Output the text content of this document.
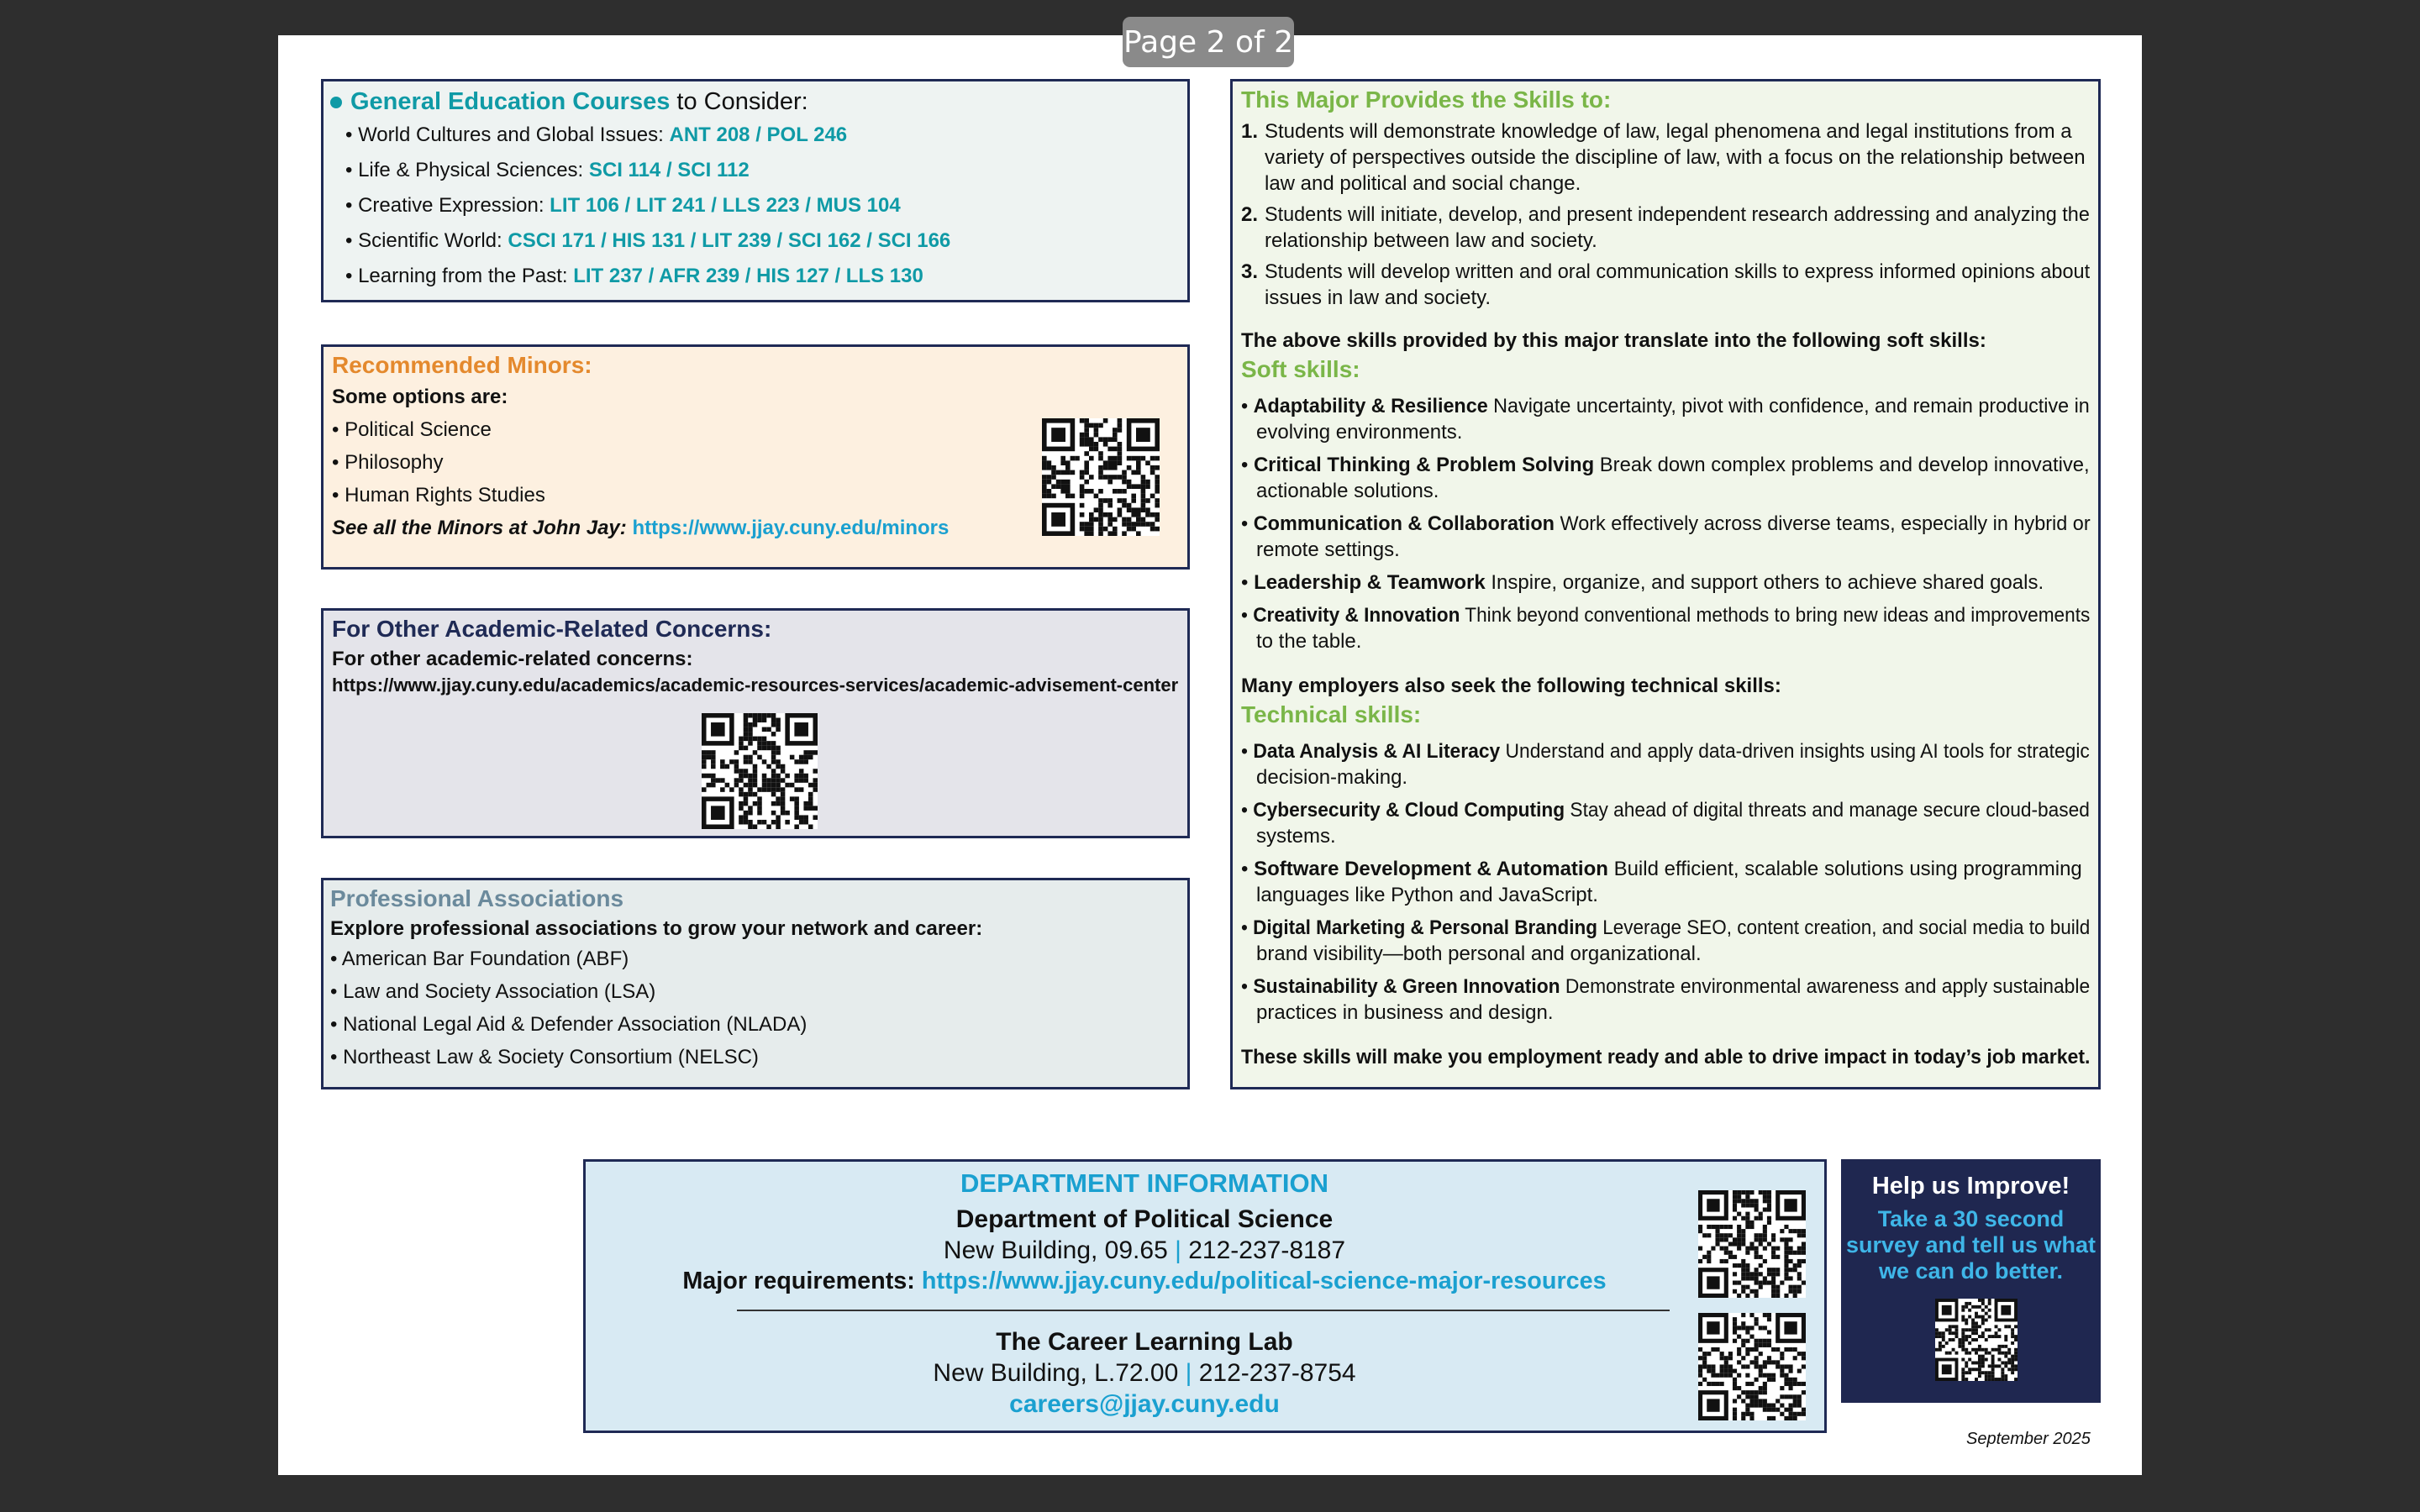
Page 2 of 2
General Education Courses to Consider:
• World Cultures and Global Issues: ANT 208 / POL 246
• Life & Physical Sciences: SCI 114 / SCI 112
• Creative Expression: LIT 106 / LIT 241 / LLS 223 / MUS 104
• Scientific World: CSCI 171 / HIS 131 / LIT 239 / SCI 162 / SCI 166
• Learning from the Past: LIT 237 / AFR 239 / HIS 127 / LLS 130
Recommended Minors:
Some options are:
• Political Science
• Philosophy
• Human Rights Studies
See all the Minors at John Jay: https://www.jjay.cuny.edu/minors
For Other Academic-Related Concerns:
For other academic-related concerns:
https://www.jjay.cuny.edu/academics/academic-resources-services/academic-advisement-center
Professional Associations
Explore professional associations to grow your network and career:
• American Bar Foundation (ABF)
• Law and Society Association (LSA)
• National Legal Aid & Defender Association (NLADA)
• Northeast Law & Society Consortium (NELSC)
This Major Provides the Skills to:
1. Students will demonstrate knowledge of law, legal phenomena and legal institutions from a
variety of perspectives outside the discipline of law, with a focus on the relationship between
law and political and social change.
2. Students will initiate, develop, and present independent research addressing and analyzing the
relationship between law and society.
3. Students will develop written and oral communication skills to express informed opinions about
issues in law and society.
The above skills provided by this major translate into the following soft skills:
Soft skills:
• Adaptability & Resilience Navigate uncertainty, pivot with confidence, and remain productive in
evolving environments.
• Critical Thinking & Problem Solving Break down complex problems and develop innovative,
actionable solutions.
• Communication & Collaboration Work effectively across diverse teams, especially in hybrid or
remote settings.
• Leadership & Teamwork Inspire, organize, and support others to achieve shared goals.
• Creativity & Innovation Think beyond conventional methods to bring new ideas and improvements
to the table.
Many employers also seek the following technical skills:
Technical skills:
• Data Analysis & AI Literacy Understand and apply data-driven insights using AI tools for strategic
decision-making.
• Cybersecurity & Cloud Computing Stay ahead of digital threats and manage secure cloud-based
systems.
• Software Development & Automation Build efficient, scalable solutions using programming
languages like Python and JavaScript.
• Digital Marketing & Personal Branding Leverage SEO, content creation, and social media to build
brand visibility—both personal and organizational.
• Sustainability & Green Innovation Demonstrate environmental awareness and apply sustainable
practices in business and design.
These skills will make you employment ready and able to drive impact in today’s job market.
DEPARTMENT INFORMATION
Department of Political Science
New Building, 09.65 | 212-237-8187
Major requirements: https://www.jjay.cuny.edu/political-science-major-resources
The Career Learning Lab
New Building, L.72.00 | 212-237-8754
careers@jjay.cuny.edu
Help us Improve!
Take a 30 second
survey and tell us what
we can do better.
September 2025
